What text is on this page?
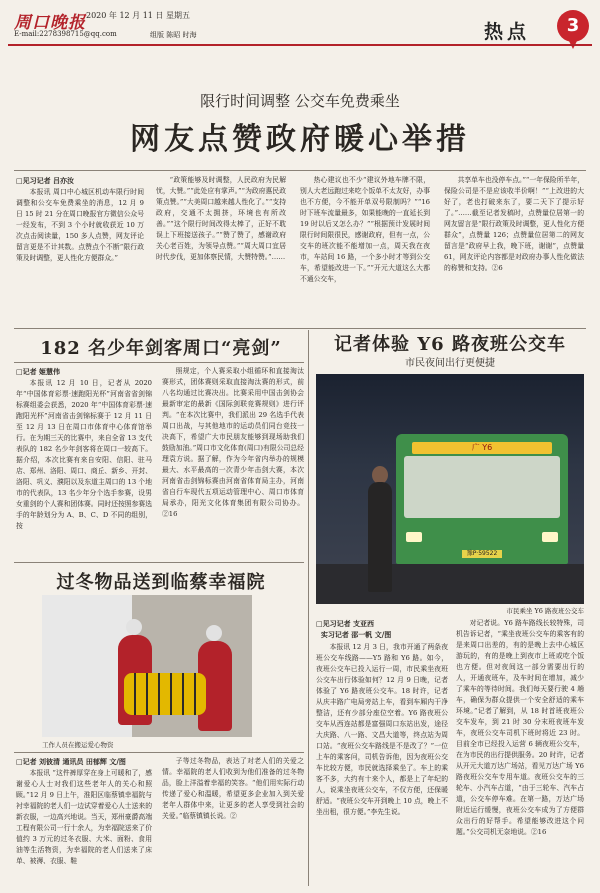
周口晚报 2020 年 12 月 11 日 星期五
E-mail:2278398715@qq.com	组版 陈昭 时海	热点	3
限行时间调整 公交车免费乘坐
网友点赞政府暖心举措
□见习记者 吕亦汝

本报讯 周口中心城区机动车限行时间调整和公交车免费乘坐的消息，12 月 9 日 15 时 21 分在周口晚报官方微信公众号一经发布，不到 3 个小时就收获近 10 万次点击阅读量，150 多人点赞，网友评论留言更是不计其数。点赞点个不断“限行政策及时调整，更人性化方便群众。”

“政策能够及时调整，人民政府为民解忧，大赞。”“此处应有掌声。”“为政府惠民政策点赞。”“大美周口越来越人性化了。”“支持政府，交通不太拥挤，环境也有所改善。”“这个限行时间改得太棒了，正好不耽误上下班接送孩子。”“赞了赞了，感谢政府关心老百姓，为领导点赞。”“周大周口宜居时代步伐，更加体察民情，大赞特赞。”……

热心建议也不少“建议外地车牌不限，别人大老远跑过来吃个饭单不太友好，办事也不方便，今不能开单双号限制吗？”“16 时下班车流量最多，如果能晚的一直延长到 19 时以后又怎么办？”“根据预计发展时间限行时间限很民，感谢政府，但有一点，公交车的班次能不能增加一点，周天我在夜市，车站间 16 路，一个多小时才等到公交车，希望能改进一下。”“开元大道这么大都不通公交车，

共享单车也没停车点。”“一年保险所半年，保险公司是不是应该收半价啊！”“上改进的大好了，老也打破来东了，要二天下了提示好了。”……截至记者发稿时，点赞量位居第一的网友留言是“限行政策及时调整，更人性化方便群众”，点赞量 126；点赞量位居第二的网友留言是“政府早上我，晚下班，谢谢”，点赞量 61，网友评论内容都是对政府办事人性化做法的称赞和支持。②6

182 名少年剑客周口“亮剑”
□记者 姬慧伟

本报讯 12 月 10 日，记者从 2020 年“中国体育彩票·速跑阳光杯”河南省省剑锦标赛组委会获悉，2020 年“中国体育彩票·速跑阳光杯”河南省击剑锦标赛于 12 月 11 日至 12 月 13 日在周口市体育中心体育馆举行。在为期三天的比赛中，来自全省 13 支代表队的 182 名少年剑客将在周口一较高下。据介绍，本次比赛有来自安阳、信阳、驻马店、郑州、洛阳、周口、商丘、新乡、开封、洛阳、巩义、濮阳以及东道主周口的 13 个地市的代表队，13 名少年分个选手参赛，设男女重剑的个人赛和团体赛。同时还按照参赛选手的年龄划分为 A、B、C、D 不同的组别，按

照规定，个人赛采取小组循环和直接淘汰赛形式，团体赛则采取直接淘汰赛的形式，前八名均通过比赛决出。比赛采用中国击剑协会最新审定的最新《国际剑联竞赛规则》进行评判。“在本次比赛中，我们派出 29 名选手代表周口出战，与其他地市的运动员们同台竞技一决高下，希望广大市民朋友能够到现场助我们鼓励加油。”周口市文化体育(周口)有限公司总经理袁方说。据了解，作为今年省内举办的规模最大、水平最高的一次青少年击剑大赛，本次河南省击剑锦标赛由河南省体育局主办，河南省自行车现代五项运动管理中心、周口市体育局承办，阳光文化体育集团有限公司协办。②16

记者体验 Y6 路夜班公交车
市民夜间出行更便捷
广 Y6
豫P·59522
市民乘坐 Y6 路夜班公交车
□见习记者 支亚西
实习记者 邵一帆 文/图

本报讯 12 月 3 日，我市开通了两条夜班公交车线路——Y5 路和 Y6 路。如今，夜班公交车已投入运行一周，市民乘坐夜班公交车出行体验如何？12 月 9 日晚，记者体验了 Y6 路夜班公交车。18 时许，记者从庆丰路广电局旁站上车，看到车厢内干净整洁，还有少部分座位空着。Y6 路夜班公交车从西连站都是富强周口东站出发，途径大庆路、八一路、文昌大道等，终点站为周口站。“夜班公交车路线是不是改了？”一位上车的乘客问，司机告诉他，因为夜班公交车比较方便，市民就选择乘坐了。车上的乘客不多，大约有十来个人，都是上了年纪的人，说乘坐夜班公交车，不仅方便，还保暖舒适。“夜班公交车开到晚上 10 点，晚上不坐出租，很方便。”李先生说。

对记者说。Y6 路车路线长较特殊，司机告诉记者，“乘坐夜班公交车的乘客有的是来周口出差的，有的是晚上去中心城区游玩的，有的是晚上到夜市上班或吃个饭也方便。但对夜间这一部分需要出行的人，开通夜班车，及车时间在增加，减少了乘车的等待时间。我们每天要行驶 4 趟车，确保为群众提供一个安全舒适的乘车环境。”记者了解到，从 18 时首班夜班公交车发车，到 21 时 30 分末班夜班车发车，夜班公交车司机下班时将近 23 时。目前全市已经投入运营 6 辆夜班公交车，在为市民的出行提供服务。20 时许，记者从开元大道万达广场站，看见万达广场 Y6 路夜班公交车专用车道。夜班公交车的三轮车、小汽车占道，“由于三轮车、汽车占道，公交车停车难。在第一路，万达广场附近运行缓慢，夜班公交车成为了方便群众出行的好帮手。希望能够改进这个问题。”公交司机无奈地说。②16

过冬物品送到临蔡幸福院
工作人员在搬运爱心物资
□记者 刘彼清 通讯员 田郁辉 文/图

本报讯 “这件裤厚穿在身上可暖和了，感谢爱心人士对我们这些老年人的关心和照顾。”12 月 9 日上午，淮阳区临蔡镇幸福院与衬幸福院的老人们一边试穿着爱心人士送来的新衣服，一边高兴地说。当天，郑州豪爵高端工程有限公司一行十余人，为幸福院送来了价值约 3 万元的过冬衣服、大米、面粉、食用油等生活物资，为幸福院的老人们送来了床单、被褥、衣服、鞋

子等过冬物品，表达了对老人们的关爱之情。幸福院的老人们收到为他们准备的过冬物品，脸上洋溢着幸福的笑容。“他们用实际行动传递了爱心和温暖，希望更多企业加入到关爱老年人群体中来，让更多的老人享受到社会的关爱。”临蔡镇镇长说。②
